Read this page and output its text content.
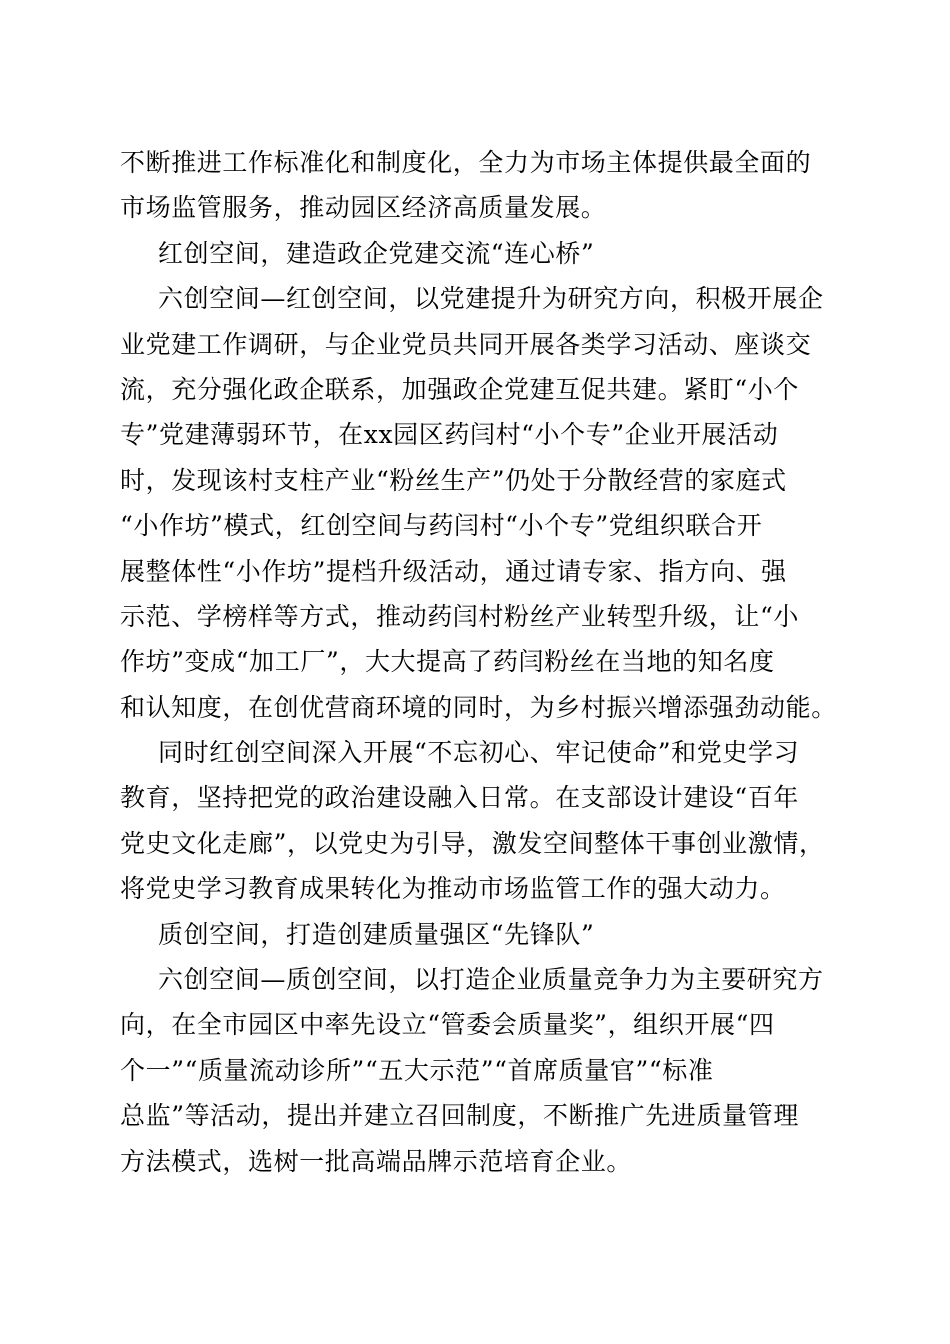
不断推进工作标准化和制度化，全力为市场主体提供最全面的
市场监管服务，推动园区经济高质量发展。
红创空间，建造政企党建交流“连心桥”
六创空间—红创空间，以党建提升为研究方向，积极开展企
业党建工作调研，与企业党员共同开展各类学习活动、座谈交
流，充分强化政企联系，加强政企党建互促共建。紧盯“小个
专”党建薄弱环节，在xx园区药闫村“小个专”企业开展活动
时，发现该村支柱产业“粉丝生产”仍处于分散经营的家庭式
“小作坊”模式，红创空间与药闫村“小个专”党组织联合开
展整体性“小作坊”提档升级活动，通过请专家、指方向、强
示范、学榜样等方式，推动药闫村粉丝产业转型升级，让“小
作坊”变成“加工厂”，大大提高了药闫粉丝在当地的知名度
和认知度，在创优营商环境的同时，为乡村振兴增添强劲动能。
同时红创空间深入开展“不忘初心、牢记使命”和党史学习
教育，坚持把党的政治建设融入日常。在支部设计建设“百年
党史文化走廊”，以党史为引导，激发空间整体干事创业激情，
将党史学习教育成果转化为推动市场监管工作的强大动力。
质创空间，打造创建质量强区“先锋队”
六创空间—质创空间，以打造企业质量竞争力为主要研究方
向，在全市园区中率先设立“管委会质量奖”，组织开展“四
个一”“质量流动诊所”“五大示范”“首席质量官”“标准
总监”等活动，提出并建立召回制度，不断推广先进质量管理
方法模式，选树一批高端品牌示范培育企业。
